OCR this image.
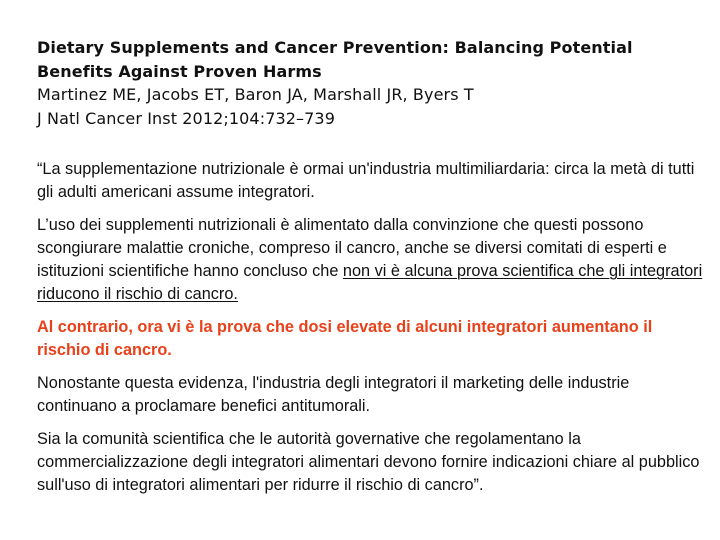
Dietary Supplements and Cancer Prevention: Balancing Potential Benefits Against Proven Harms

Martinez ME, Jacobs ET, Baron JA, Marshall JR, Byers T

J Natl Cancer Inst 2012;104:732–739

“La supplementazione nutrizionale è ormai un'industria multimiliardaria: circa la metà di tutti gli adulti americani assume integratori.

L’uso dei supplementi nutrizionali è alimentato dalla convinzione che questi possono scongiurare malattie croniche, compreso il cancro, anche se diversi comitati di esperti e istituzioni scientifiche hanno concluso che non vi è alcuna prova scientifica che gli integratori riducono il rischio di cancro.

Al contrario, ora vi è la prova che dosi elevate di alcuni integratori aumentano il rischio di cancro.

Nonostante questa evidenza, l'industria degli integratori il marketing delle industrie continuano a proclamare benefici antitumorali.

Sia la comunità scientifica che le autorità governative che regolamentano la commercializzazione degli integratori alimentari devono fornire indicazioni chiare al pubblico sull'uso di integratori alimentari per ridurre il rischio di cancro”.
